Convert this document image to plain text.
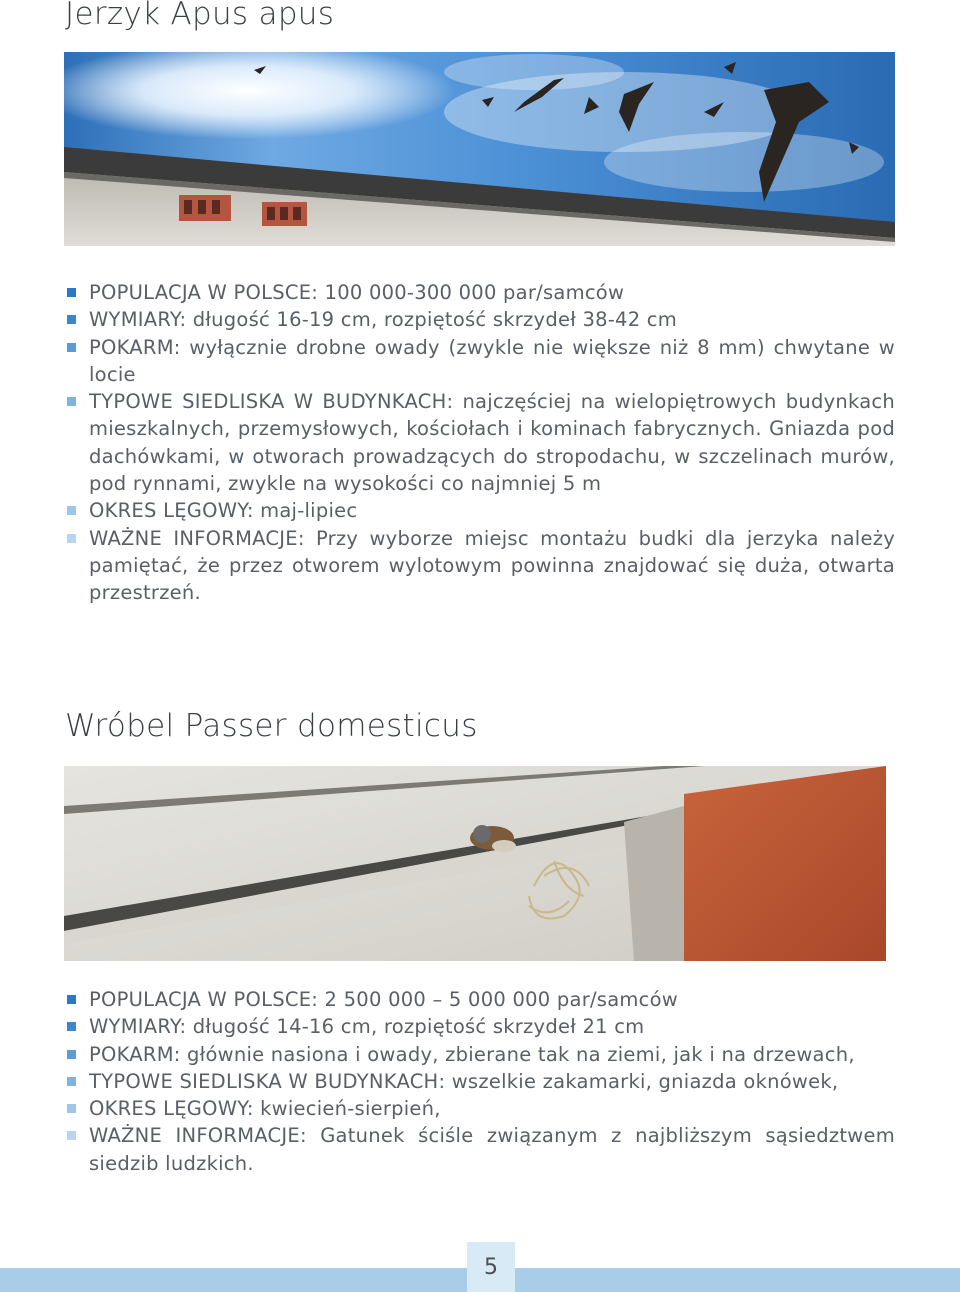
Jerzyk Apus apus
POPULACJA W POLSCE: 100 000-300 000 par/samców
WYMIARY: długość 16-19 cm, rozpiętość skrzydeł 38-42 cm
POKARM: wyłącznie drobne owady (zwykle nie większe niż 8 mm) chwytane w locie
TYPOWE SIEDLISKA W BUDYNKACH: najczęściej na wielopiętrowych budynkach mieszkalnych, przemysłowych, kościołach i kominach fabrycznych. Gniazda pod dachówkami, w otworach prowadzących do stropodachu, w szczelinach murów, pod rynnami, zwykle na wysokości co najmniej 5 m
OKRES LĘGOWY: maj-lipiec
WAŻNE INFORMACJE: Przy wyborze miejsc montażu budki dla jerzyka należy pamiętać, że przez otworem wylotowym powinna znajdować się duża, otwarta przestrzeń.
Wróbel Passer domesticus
POPULACJA W POLSCE: 2 500 000 – 5 000 000 par/samców
WYMIARY: długość 14-16 cm, rozpiętość skrzydeł 21 cm
POKARM: głównie nasiona i owady, zbierane tak na ziemi, jak i na drzewach,
TYPOWE SIEDLISKA W BUDYNKACH: wszelkie zakamarki, gniazda oknówek,
OKRES LĘGOWY: kwiecień-sierpień,
WAŻNE INFORMACJE: Gatunek ściśle związanym z najbliższym sąsiedztwem siedzib ludzkich.
5
